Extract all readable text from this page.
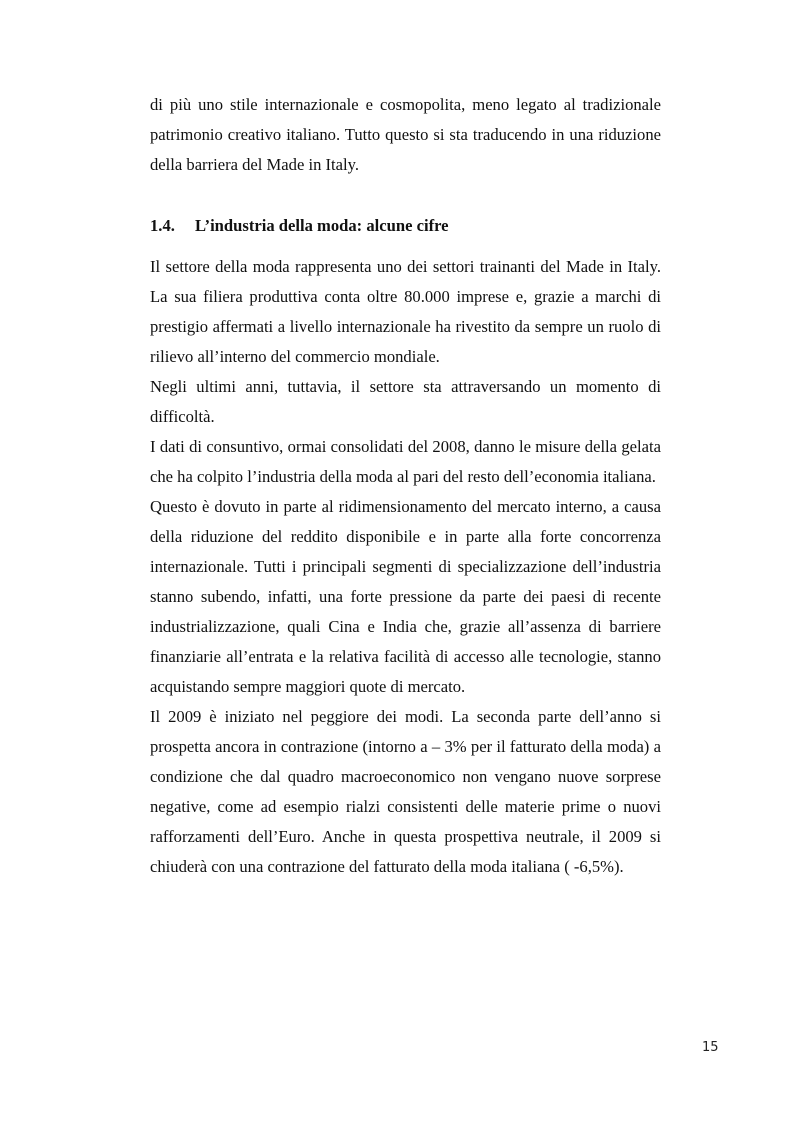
di più uno stile internazionale e cosmopolita, meno legato al tradizionale patrimonio creativo italiano. Tutto questo si sta traducendo in una riduzione della barriera del Made in Italy.

1.4. L’industria della moda: alcune cifre

Il settore della moda rappresenta uno dei settori trainanti del Made in Italy. La sua filiera produttiva conta oltre 80.000 imprese e, grazie a marchi di prestigio affermati a livello internazionale ha rivestito da sempre un ruolo di rilievo all’interno del commercio mondiale.

Negli ultimi anni, tuttavia, il settore sta attraversando un momento di difficoltà.

I dati di consuntivo, ormai consolidati del 2008, danno le misure della gelata che ha colpito l’industria della moda al pari del resto dell’economia italiana.

Questo è dovuto in parte al ridimensionamento del mercato interno, a causa della riduzione del reddito disponibile e in parte alla forte concorrenza internazionale. Tutti i principali segmenti di specializzazione dell’industria stanno subendo, infatti, una forte pressione da parte dei paesi di recente industrializzazione, quali Cina e India che, grazie all’assenza di barriere finanziarie all’entrata e la relativa facilità di accesso alle tecnologie, stanno acquistando sempre maggiori quote di mercato.

Il 2009 è iniziato nel peggiore dei modi. La seconda parte dell’anno si prospetta ancora in contrazione (intorno a – 3% per il fatturato della moda) a condizione che dal quadro macroeconomico non vengano nuove sorprese negative, come ad esempio rialzi consistenti delle materie prime o nuovi rafforzamenti dell’Euro. Anche in questa prospettiva neutrale, il 2009 si chiuderà con una contrazione del fatturato della moda italiana ( -6,5%).

15
